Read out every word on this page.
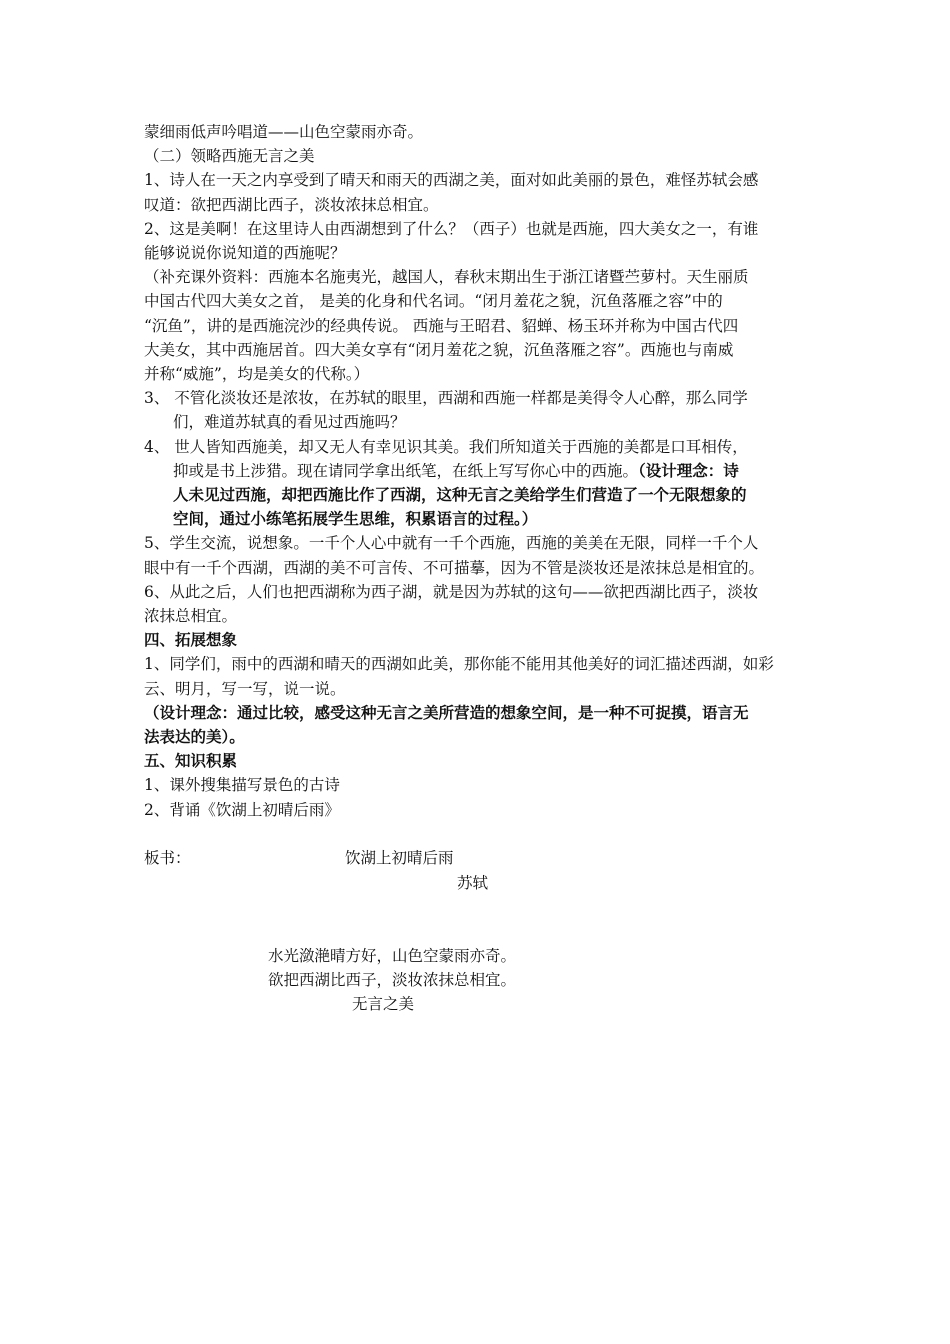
蒙细雨低声吟唱道——山色空蒙雨亦奇。
（二）领略西施无言之美
1、诗人在一天之内享受到了晴天和雨天的西湖之美，面对如此美丽的景色，难怪苏轼会感
叹道：欲把西湖比西子，淡妆浓抹总相宜。
2、这是美啊！在这里诗人由西湖想到了什么？（西子）也就是西施，四大美女之一，有谁
能够说说你说知道的西施呢？
（补充课外资料：西施本名施夷光，越国人，春秋末期出生于浙江诸暨苎萝村。天生丽质
中国古代四大美女之首， 是美的化身和代名词。“闭月羞花之貌，沉鱼落雁之容”中的
“沉鱼”，讲的是西施浣沙的经典传说。 西施与王昭君、貂蝉、杨玉环并称为中国古代四
大美女，其中西施居首。四大美女享有“闭月羞花之貌，沉鱼落雁之容”。西施也与南威
并称“威施”，均是美女的代称。）
3、 不管化淡妆还是浓妆，在苏轼的眼里，西湖和西施一样都是美得令人心醉，那么同学
们，难道苏轼真的看见过西施吗？
4、 世人皆知西施美，却又无人有幸见识其美。我们所知道关于西施的美都是口耳相传，
抑或是书上涉猎。现在请同学拿出纸笔，在纸上写写你心中的西施。（设计理念：诗
人未见过西施，却把西施比作了西湖，这种无言之美给学生们营造了一个无限想象的
空间，通过小练笔拓展学生思维，积累语言的过程。）
5、学生交流，说想象。一千个人心中就有一千个西施，西施的美美在无限，同样一千个人
眼中有一千个西湖，西湖的美不可言传、不可描摹，因为不管是淡妆还是浓抹总是相宜的。
6、从此之后，人们也把西湖称为西子湖，就是因为苏轼的这句——欲把西湖比西子，淡妆
浓抹总相宜。
四、拓展想象
1、同学们，雨中的西湖和晴天的西湖如此美，那你能不能用其他美好的词汇描述西湖，如彩
云、明月，写一写，说一说。
（设计理念：通过比较，感受这种无言之美所营造的想象空间，是一种不可捉摸，语言无
法表达的美）。
五、知识积累
1、课外搜集描写景色的古诗
2、背诵《饮湖上初晴后雨》
板书：	饮湖上初晴后雨
苏轼
水光潋滟晴方好，山色空蒙雨亦奇。
欲把西湖比西子，淡妆浓抹总相宜。
无言之美
